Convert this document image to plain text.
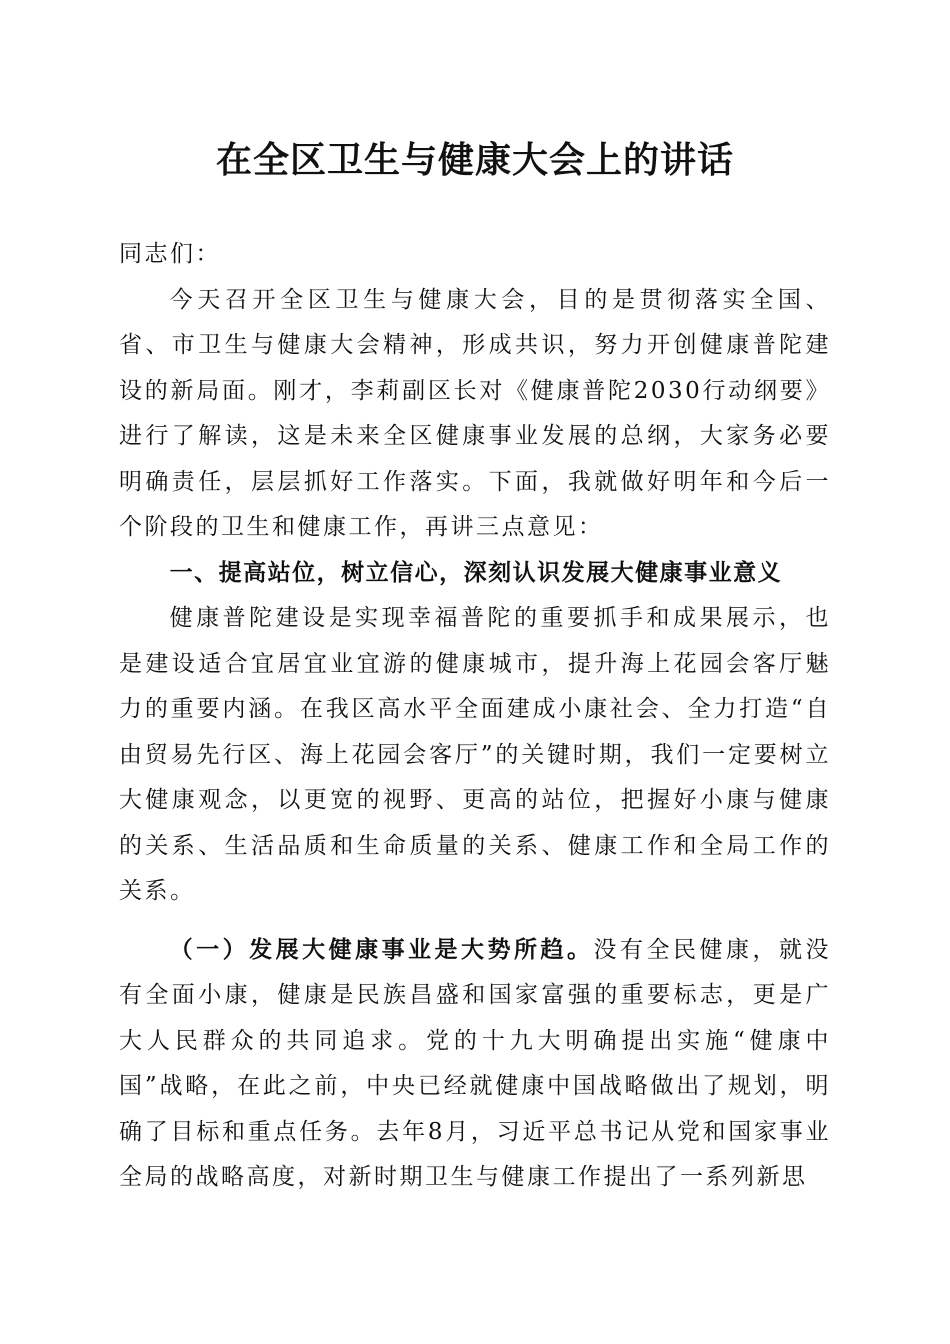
在全区卫生与健康大会上的讲话

同志们：

今天召开全区卫生与健康大会，目的是贯彻落实全国、省、市卫生与健康大会精神，形成共识，努力开创健康普陀建设的新局面。刚才，李莉副区长对《健康普陀2030行动纲要》进行了解读，这是未来全区健康事业发展的总纲，大家务必要明确责任，层层抓好工作落实。下面，我就做好明年和今后一个阶段的卫生和健康工作，再讲三点意见：

一、提高站位，树立信心，深刻认识发展大健康事业意义

健康普陀建设是实现幸福普陀的重要抓手和成果展示，也是建设适合宜居宜业宜游的健康城市，提升海上花园会客厅魅力的重要内涵。在我区高水平全面建成小康社会、全力打造“自由贸易先行区、海上花园会客厅”的关键时期，我们一定要树立大健康观念，以更宽的视野、更高的站位，把握好小康与健康的关系、生活品质和生命质量的关系、健康工作和全局工作的关系。

（一）发展大健康事业是大势所趋。没有全民健康，就没有全面小康，健康是民族昌盛和国家富强的重要标志，更是广大人民群众的共同追求。党的十九大明确提出实施“健康中国”战略，在此之前，中央已经就健康中国战略做出了规划，明确了目标和重点任务。去年8月，习近平总书记从党和国家事业全局的战略高度，对新时期卫生与健康工作提出了一系列新思
